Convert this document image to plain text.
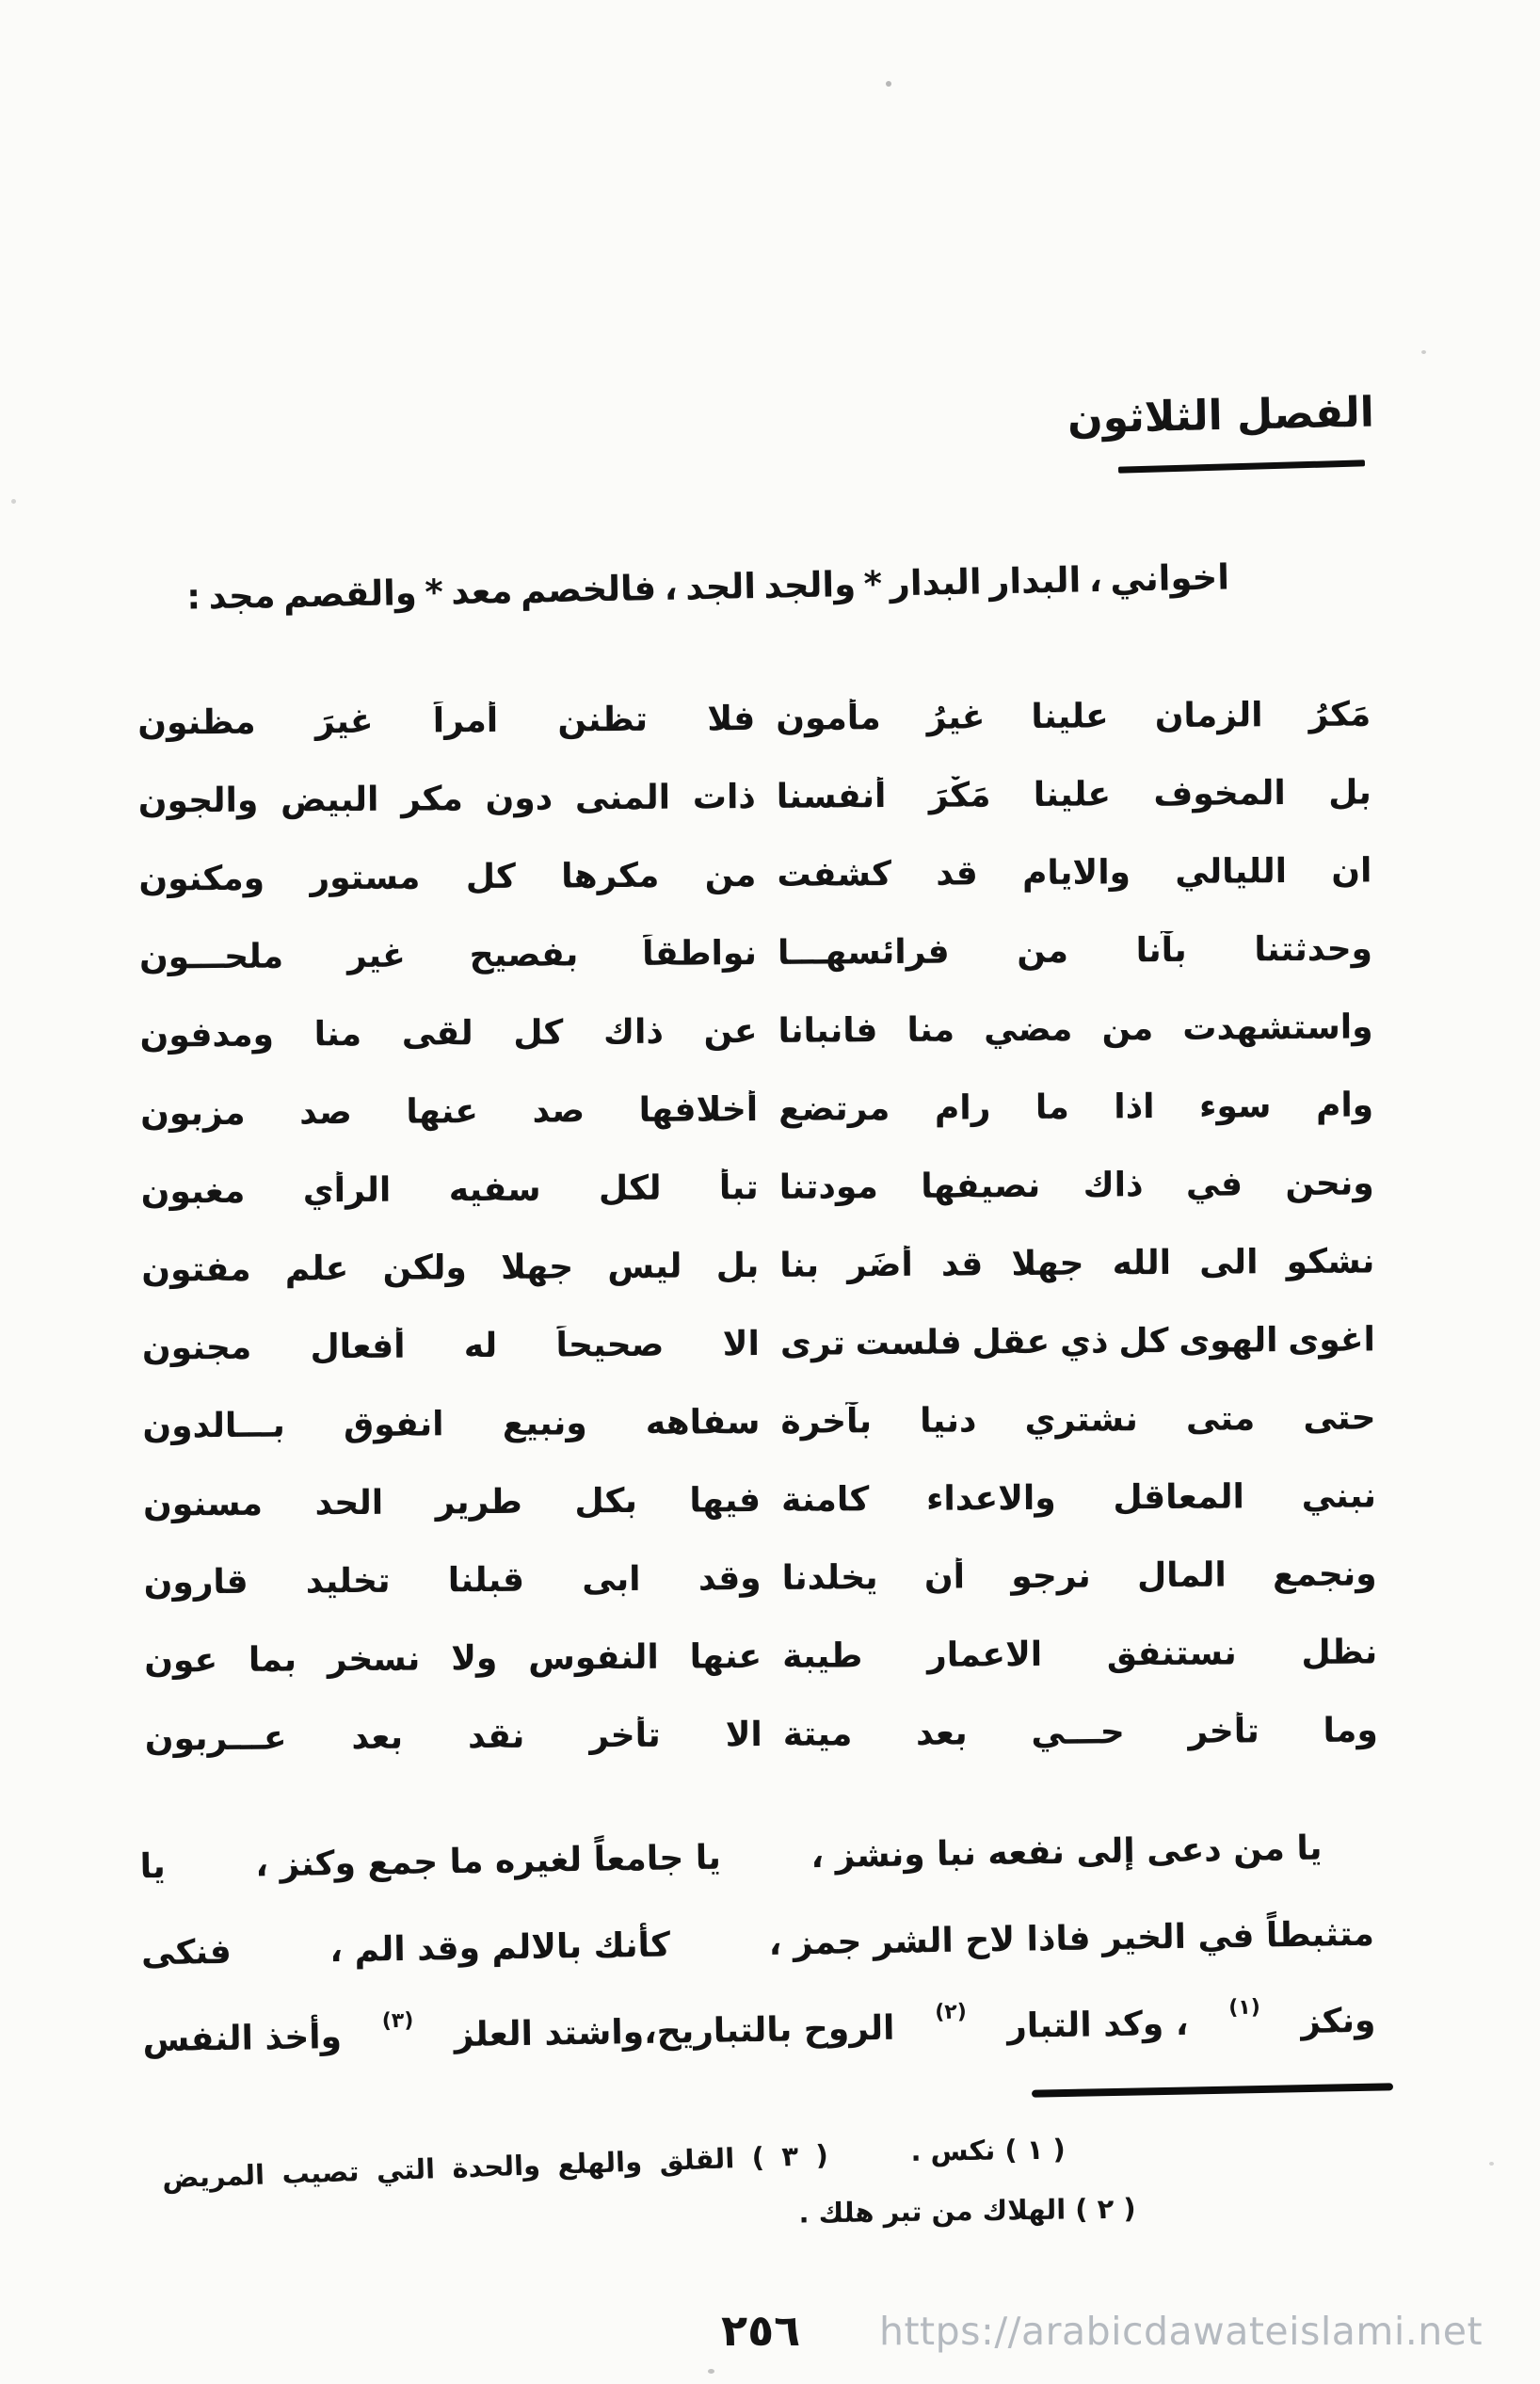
الفصل الثلاثون
اخواني
،
البدار
البدار
*
والجد
الجد
،
فالخصم
معد
*
والقصم
مجد
:
مَكرُ
الزمان
علينا
غيرُ
مأمون
فلا
تظنن
أمراً
غيرَ
مظنون
بل
المخوف
علينا
مَكْرَ
أنفسنا
ذات
المنى
دون
مكر
البيض
والجون
ان
الليالي
والايام
قد
كشفت
من
مكرها
كل
مستور
ومكنون
وحدثتنا
بآنا
من
فرائسهـــا
نواطقاً
بفصيح
غير
ملحـــون
واستشهدت
من
مضي
منا
فانبانا
عن
ذاك
كل
لقى
منا
ومدفون
وام
سوء
اذا
ما
رام
مرتضع
أخلافها
صد
عنها
صد
مزبون
ونحن
في
ذاك
نصيفها
مودتنا
تبأ
لكل
سفيه
الرأي
مغبون
نشكو
الى
الله
جهلا
قد
أضَر
بنا
بل
ليس
جهلا
ولكن
علم
مفتون
اغوى
الهوى
كل
ذي
عقل
فلست
ترى
الا
صحيحاً
له
أفعال
مجنون
حتى
متى
نشتري
دنيا
بآخرة
سفاهه
ونبيع
انفوق
بـــالدون
نبني
المعاقل
والاعداء
كامنة
فيها
بكل
طرير
الحد
مسنون
ونجمع
المال
نرجو
أن
يخلدنا
وقد
ابى
قبلنا
تخليد
قارون
نظل
نستنفق
الاعمار
طيبة
عنها
النفوس
ولا
نسخر
بما
عون
وما
تأخر
حـــي
بعد
ميتة
الا
تأخر
نقد
بعد
عـــربون
يا من دعى إلى نفعه نبا ونشز ،
يا جامعاً لغيره ما جمع وكنز ،
يا
متثبطاً في الخير فاذا لاح الشر جمز ،
كأنك بالالم وقد الم ،
فنكى
ونكز
(١)
، وكد التبار
(٢)
الروح بالتباريح،واشتد العلز
(٣)
وأخذ النفس
( ١ ) نكس .
( ٢ ) الهلاك من تبر هلك .
(
٣
)
القلق
والهلع
والحدة
التي
تصيب
المريض
٢٥٦ https://arabicdawateislami.net
